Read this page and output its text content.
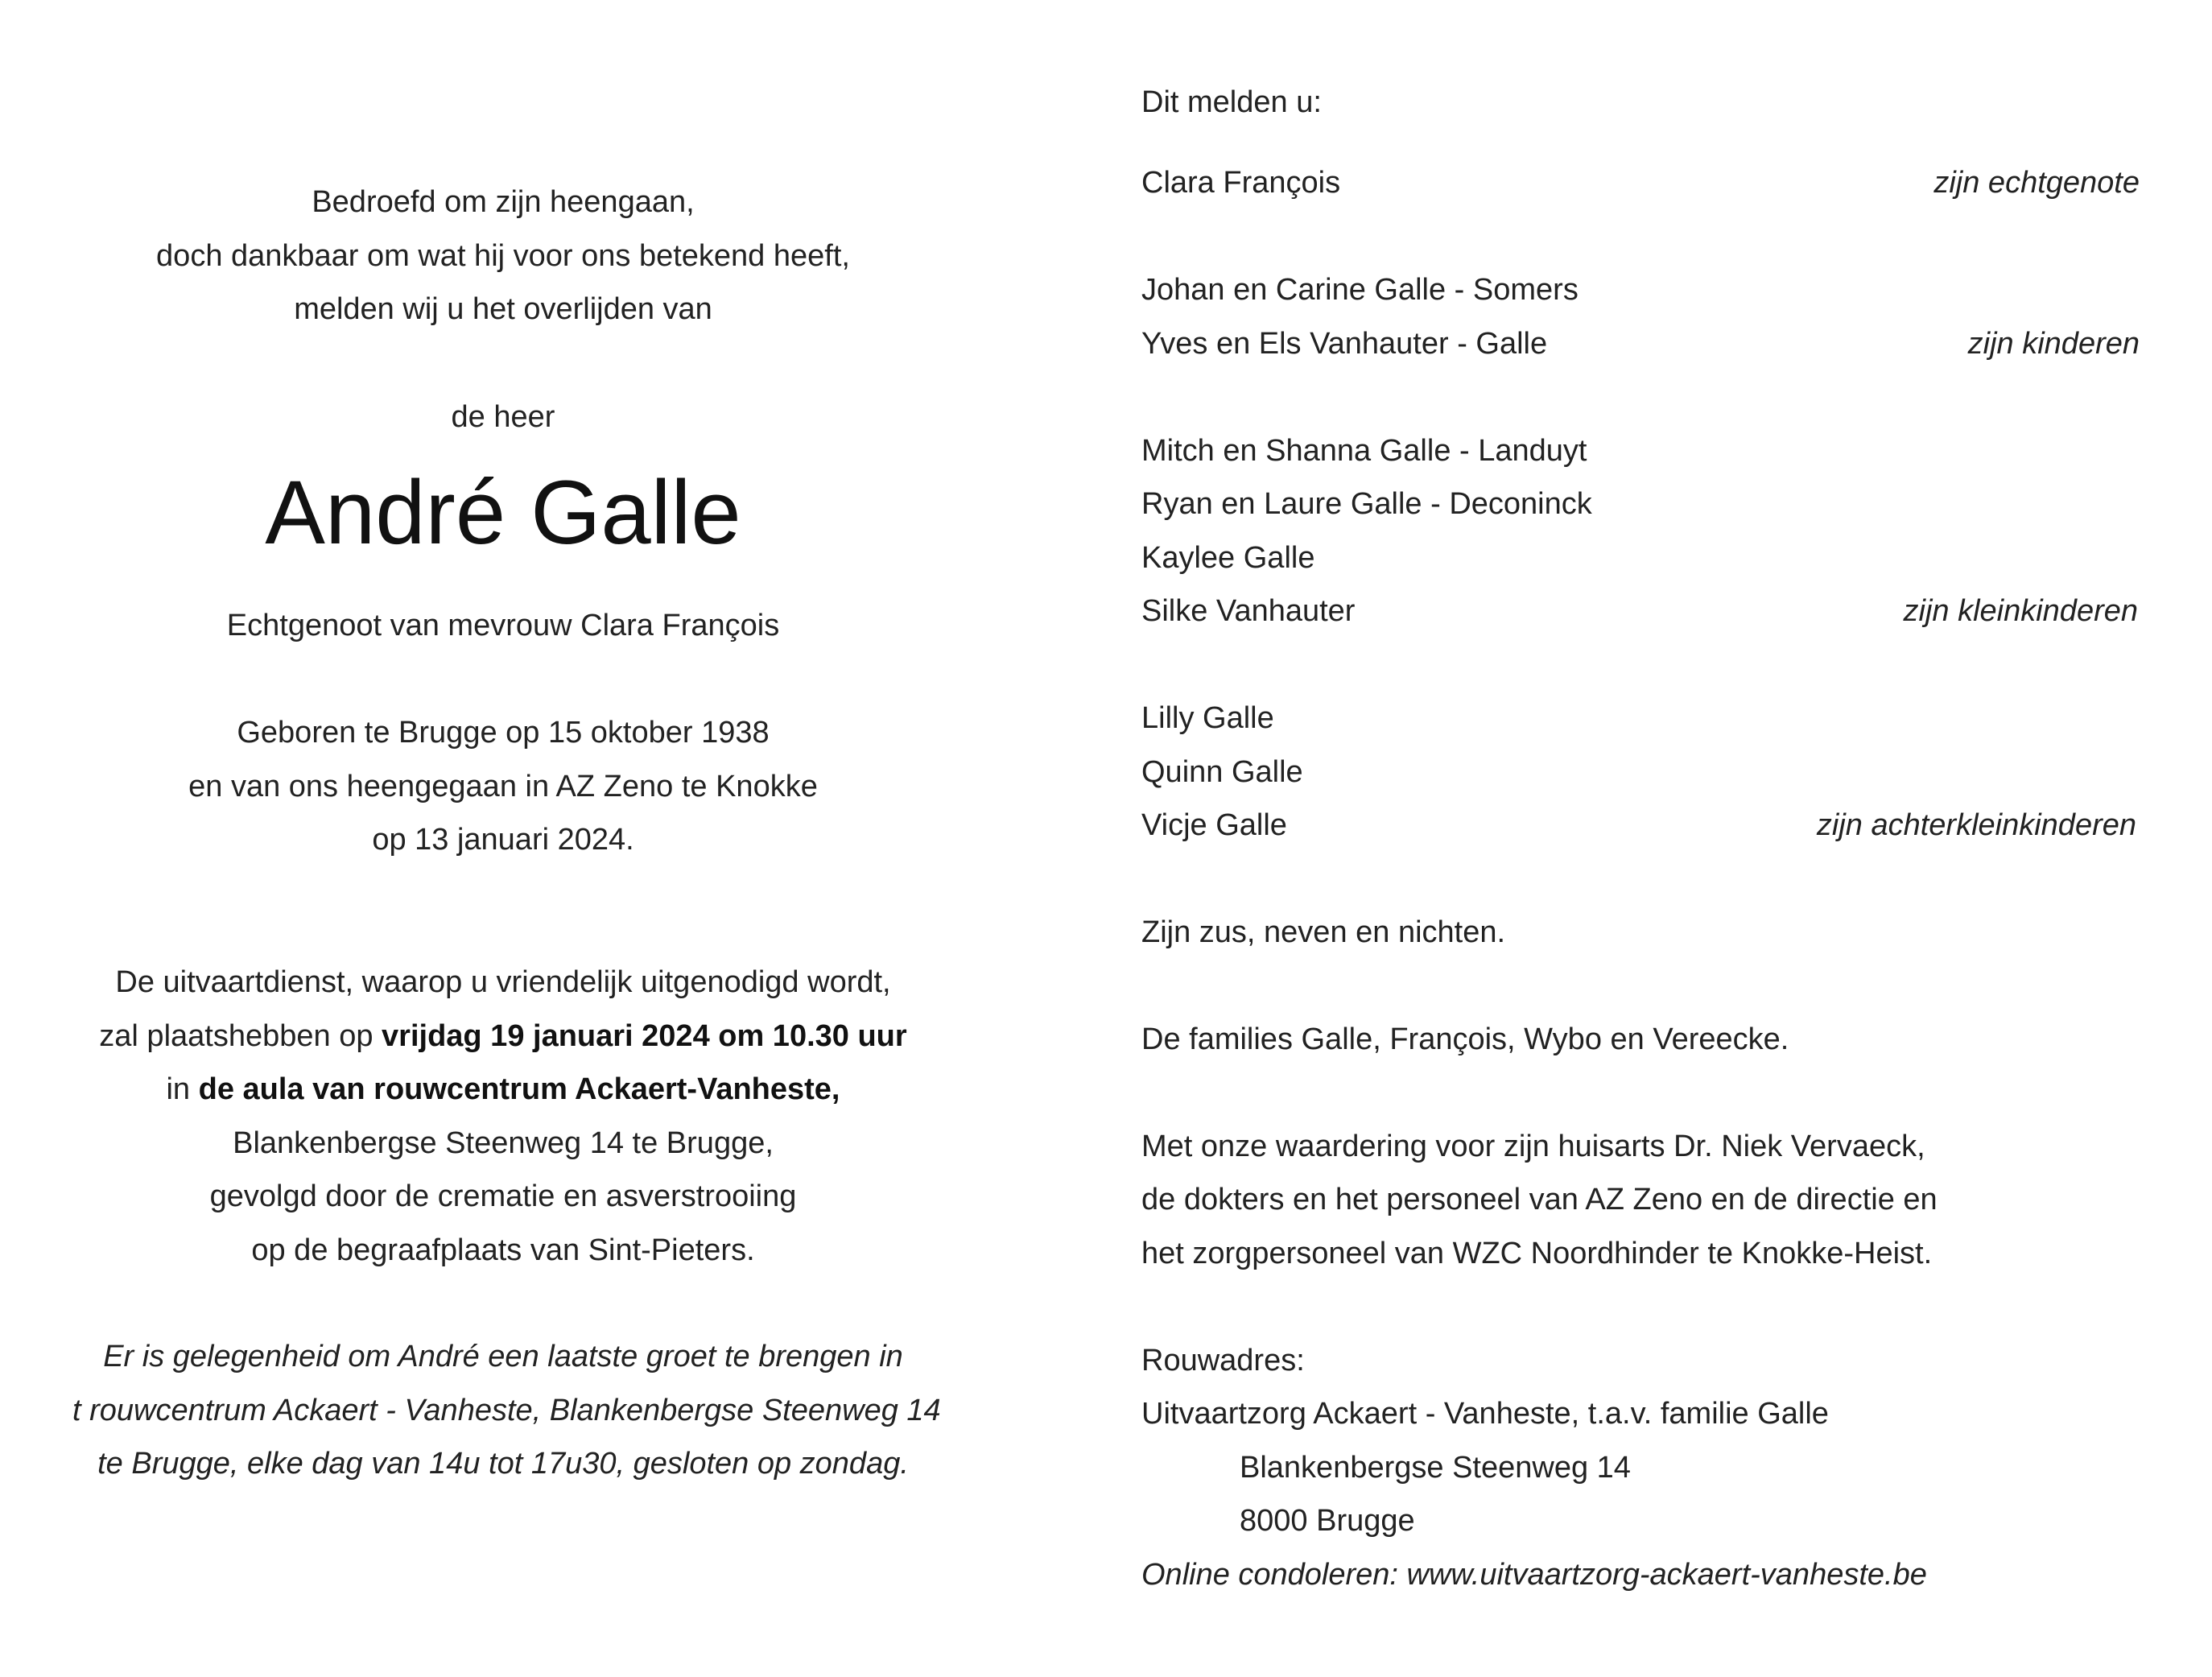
Bedroefd om zijn heengaan,
doch dankbaar om wat hij voor ons betekend heeft,
melden wij u het overlijden van
de heer
André Galle
Echtgenoot van mevrouw Clara François
Geboren te Brugge op 15 oktober 1938
en van ons heengegaan in AZ Zeno te Knokke
op 13 januari 2024.
De uitvaartdienst, waarop u vriendelijk uitgenodigd wordt,
zal plaatshebben op vrijdag 19 januari 2024 om 10.30 uur
in de aula van rouwcentrum Ackaert-Vanheste,
Blankenbergse Steenweg 14 te Brugge,
gevolgd door de crematie en asverstrooiing
op de begraafplaats van Sint-Pieters.
Er is gelegenheid om André een laatste groet te brengen in
t rouwcentrum Ackaert - Vanheste, Blankenbergse Steenweg 14
te Brugge, elke dag van 14u tot 17u30, gesloten op zondag.
Dit melden u:
Clara François	zijn echtgenote
Johan en Carine Galle - Somers
Yves en Els Vanhauter - Galle	zijn kinderen
Mitch en Shanna Galle - Landuyt
Ryan en Laure Galle - Deconinck
Kaylee Galle
Silke Vanhauter	zijn kleinkinderen
Lilly Galle
Quinn Galle
Vicje Galle	zijn achterkleinkinderen
Zijn zus, neven en nichten.
De families Galle, François, Wybo en Vereecke.
Met onze waardering voor zijn huisarts Dr. Niek Vervaeck,
de dokters en het personeel van AZ Zeno en de directie en
het zorgpersoneel van WZC Noordhinder te Knokke-Heist.
Rouwadres:
Uitvaartzorg Ackaert - Vanheste, t.a.v. familie Galle
Blankenbergse Steenweg 14
8000 Brugge
Online condoleren: www.uitvaartzorg-ackaert-vanheste.be
